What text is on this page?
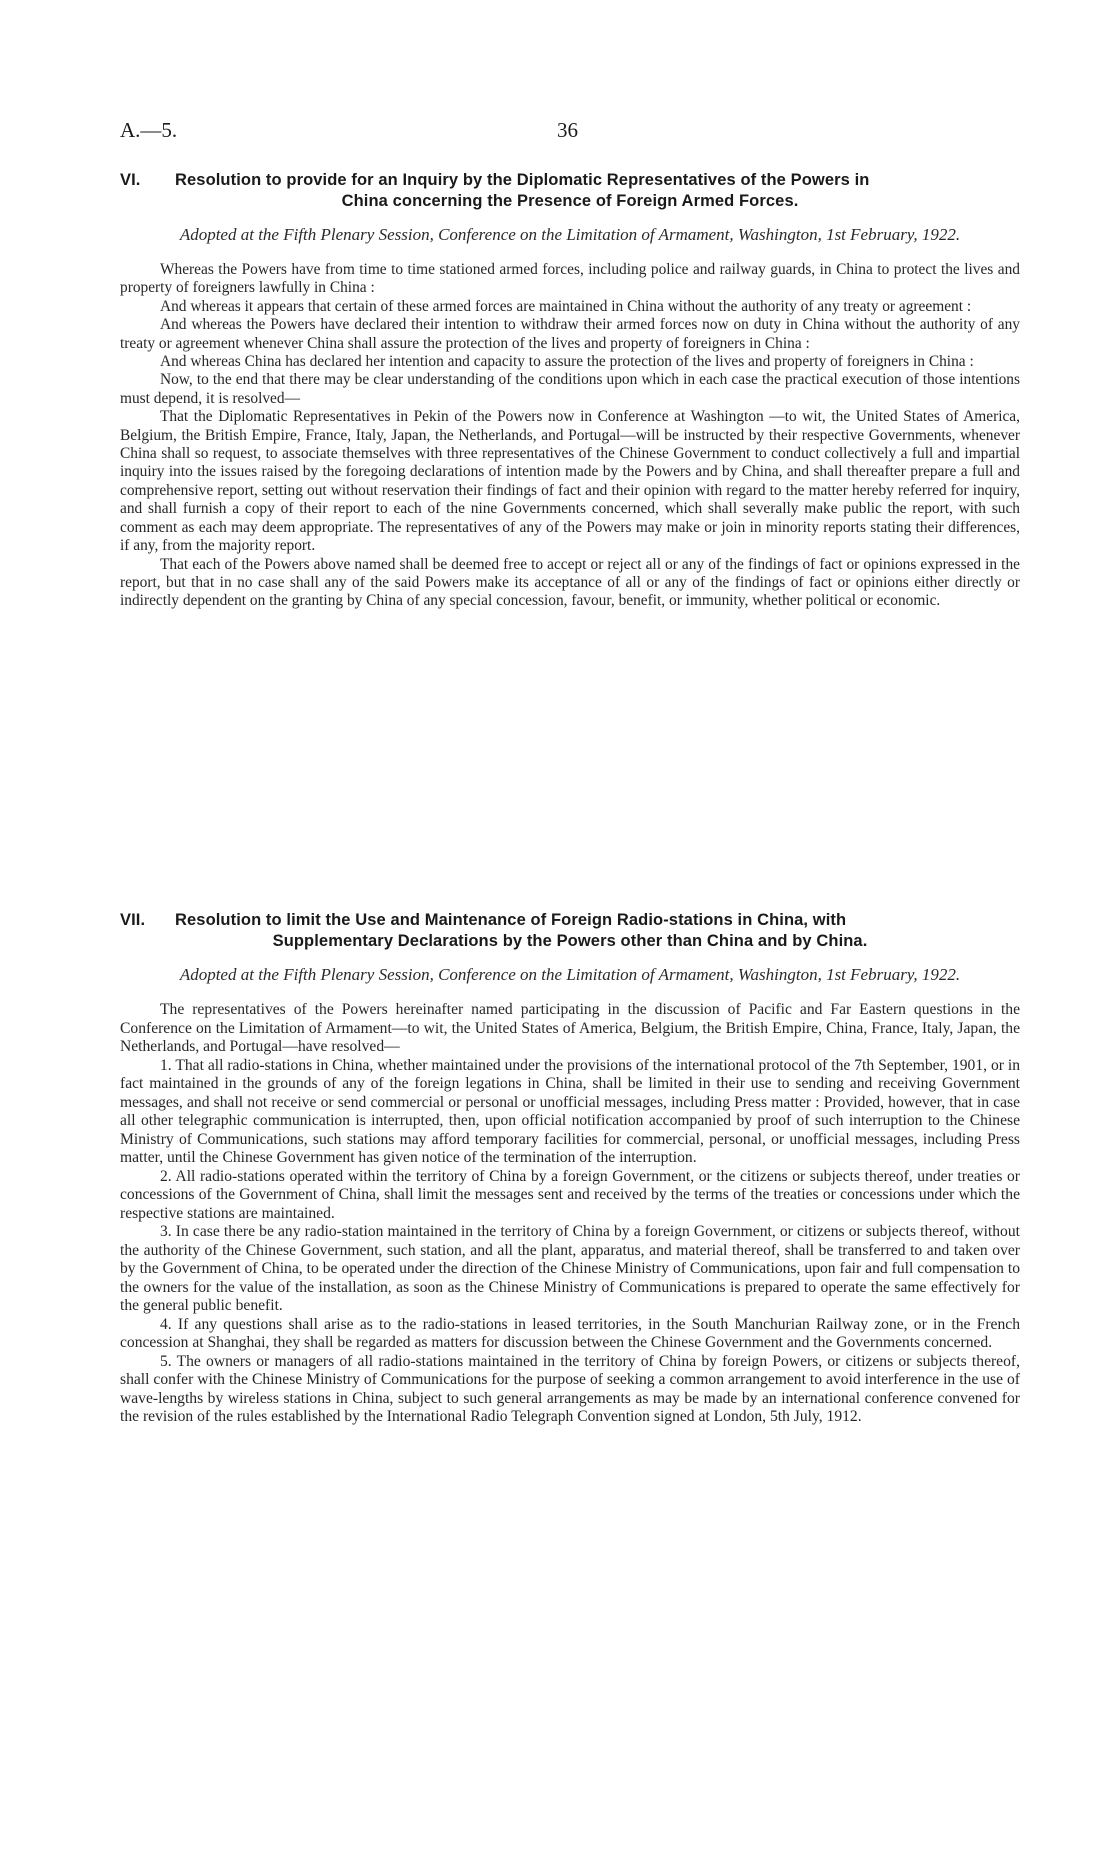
A.—5.	36

VI. Resolution to provide for an Inquiry by the Diplomatic Representatives of the Powers in
China concerning the Presence of Foreign Armed Forces.

Adopted at the Fifth Plenary Session, Conference on the Limitation of Armament, Washington, 1st February, 1922.

Whereas the Powers have from time to time stationed armed forces, including police and railway guards, in China to protect the lives and property of foreigners lawfully in China :

And whereas it appears that certain of these armed forces are maintained in China without the authority of any treaty or agreement :

And whereas the Powers have declared their intention to withdraw their armed forces now on duty in China without the authority of any treaty or agreement whenever China shall assure the protection of the lives and property of foreigners in China :

And whereas China has declared her intention and capacity to assure the protection of the lives and property of foreigners in China :

Now, to the end that there may be clear understanding of the conditions upon which in each case the practical execution of those intentions must depend, it is resolved—

That the Diplomatic Representatives in Pekin of the Powers now in Conference at Washington —to wit, the United States of America, Belgium, the British Empire, France, Italy, Japan, the Netherlands, and Portugal—will be instructed by their respective Governments, whenever China shall so request, to associate themselves with three representatives of the Chinese Government to conduct collectively a full and impartial inquiry into the issues raised by the foregoing declarations of intention made by the Powers and by China, and shall thereafter prepare a full and comprehensive report, setting out without reservation their findings of fact and their opinion with regard to the matter hereby referred for inquiry, and shall furnish a copy of their report to each of the nine Governments concerned, which shall severally make public the report, with such comment as each may deem appropriate. The representatives of any of the Powers may make or join in minority reports stating their differences, if any, from the majority report.

That each of the Powers above named shall be deemed free to accept or reject all or any of the findings of fact or opinions expressed in the report, but that in no case shall any of the said Powers make its acceptance of all or any of the findings of fact or opinions either directly or indirectly dependent on the granting by China of any special concession, favour, benefit, or immunity, whether political or economic.

VII. Resolution to limit the Use and Maintenance of Foreign Radio-stations in China, with
Supplementary Declarations by the Powers other than China and by China.

Adopted at the Fifth Plenary Session, Conference on the Limitation of Armament, Washington, 1st February, 1922.

The representatives of the Powers hereinafter named participating in the discussion of Pacific and Far Eastern questions in the Conference on the Limitation of Armament—to wit, the United States of America, Belgium, the British Empire, China, France, Italy, Japan, the Netherlands, and Portugal—have resolved—

1. That all radio-stations in China, whether maintained under the provisions of the international protocol of the 7th September, 1901, or in fact maintained in the grounds of any of the foreign legations in China, shall be limited in their use to sending and receiving Government messages, and shall not receive or send commercial or personal or unofficial messages, including Press matter : Provided, however, that in case all other telegraphic communication is interrupted, then, upon official notification accompanied by proof of such interruption to the Chinese Ministry of Communications, such stations may afford temporary facilities for commercial, personal, or unofficial messages, including Press matter, until the Chinese Government has given notice of the termination of the interruption.

2. All radio-stations operated within the territory of China by a foreign Government, or the citizens or subjects thereof, under treaties or concessions of the Government of China, shall limit the messages sent and received by the terms of the treaties or concessions under which the respective stations are maintained.

3. In case there be any radio-station maintained in the territory of China by a foreign Government, or citizens or subjects thereof, without the authority of the Chinese Government, such station, and all the plant, apparatus, and material thereof, shall be transferred to and taken over by the Government of China, to be operated under the direction of the Chinese Ministry of Communications, upon fair and full compensation to the owners for the value of the installation, as soon as the Chinese Ministry of Communications is prepared to operate the same effectively for the general public benefit.

4. If any questions shall arise as to the radio-stations in leased territories, in the South Manchurian Railway zone, or in the French concession at Shanghai, they shall be regarded as matters for discussion between the Chinese Government and the Governments concerned.

5. The owners or managers of all radio-stations maintained in the territory of China by foreign Powers, or citizens or subjects thereof, shall confer with the Chinese Ministry of Communications for the purpose of seeking a common arrangement to avoid interference in the use of wave-lengths by wireless stations in China, subject to such general arrangements as may be made by an international conference convened for the revision of the rules established by the International Radio Telegraph Convention signed at London, 5th July, 1912.
